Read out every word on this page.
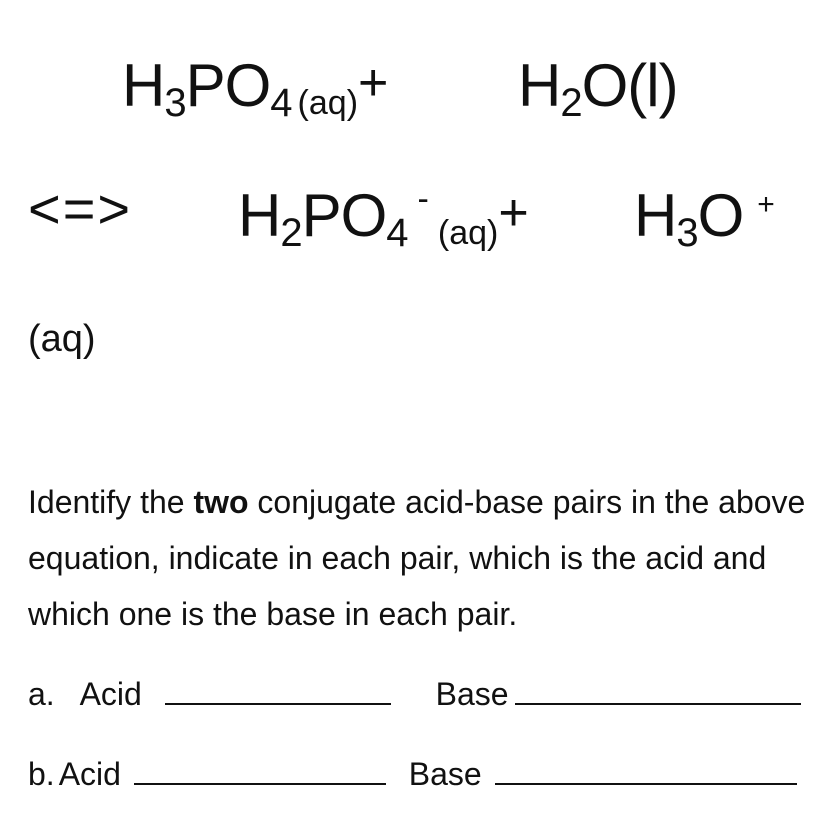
H3PO4 (aq)+ H2O(l)
<=> H2PO4-(aq)+ H3O +
(aq)
Identify the two conjugate acid-base pairs in the above equation, indicate in each pair, which is the acid and which one is the base in each pair.
a. Acid	Base
b. Acid	Base
